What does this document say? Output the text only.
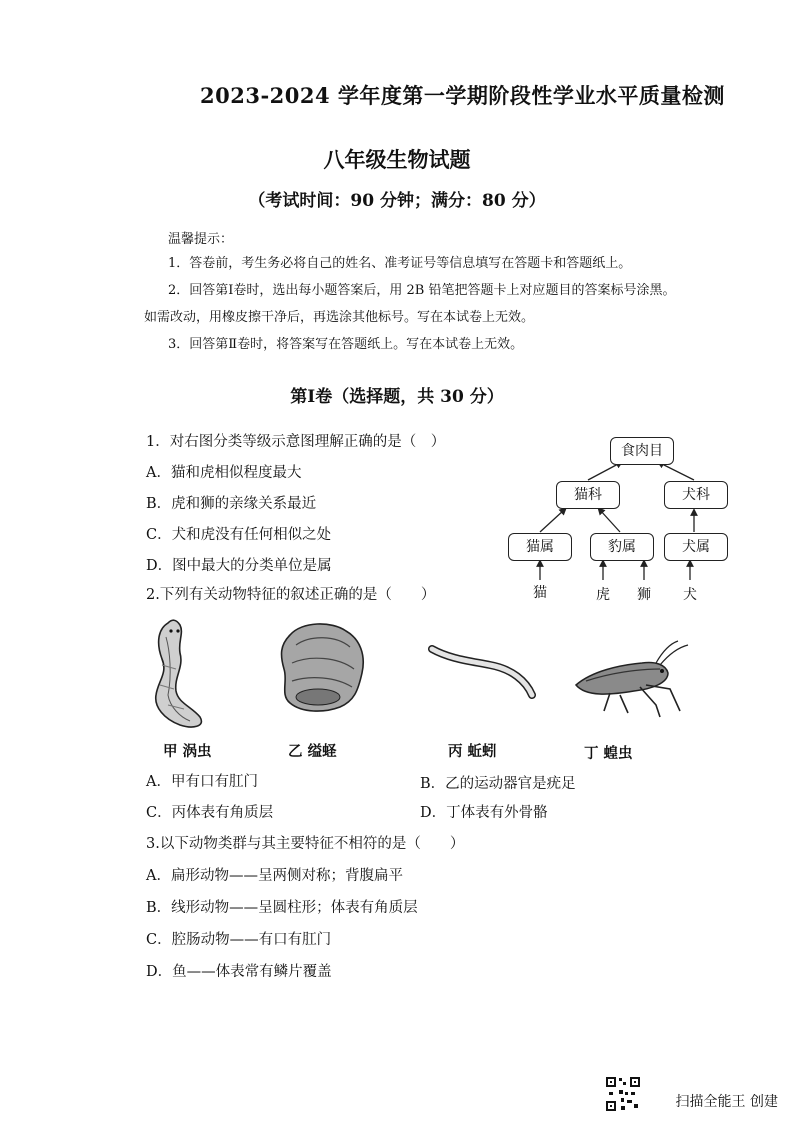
2023-2024 学年度第一学期阶段性学业水平质量检测
八年级生物试题
（考试时间：90 分钟；满分：80 分）
温馨提示：
1．答卷前，考生务必将自己的姓名、准考证号等信息填写在答题卡和答题纸上。
2．回答第Ⅰ卷时，选出每小题答案后，用 2B 铅笔把答题卡上对应题目的答案标号涂黑。
如需改动，用橡皮擦干净后，再选涂其他标号。写在本试卷上无效。
3．回答第Ⅱ卷时，将答案写在答题纸上。写在本试卷上无效。
第Ⅰ卷（选择题，共 30 分）
1．对右图分类等级示意图理解正确的是（　）
A．猫和虎相似程度最大
B．虎和狮的亲缘关系最近
C．犬和虎没有任何相似之处
D．图中最大的分类单位是属
食肉目
猫科	犬科
猫属	豹属	犬属
猫	虎 狮 犬
2.下列有关动物特征的叙述正确的是（　　）
甲 涡虫	乙 缢蛏	丙 蚯蚓	丁 蝗虫
A．甲有口有肛门	B．乙的运动器官是疣足
C．丙体表有角质层	D．丁体表有外骨骼
3.以下动物类群与其主要特征不相符的是（　　）
A．扁形动物——呈两侧对称；背腹扁平
B．线形动物——呈圆柱形；体表有角质层
C．腔肠动物——有口有肛门
D．鱼——体表常有鳞片覆盖
扫描全能王 创建
